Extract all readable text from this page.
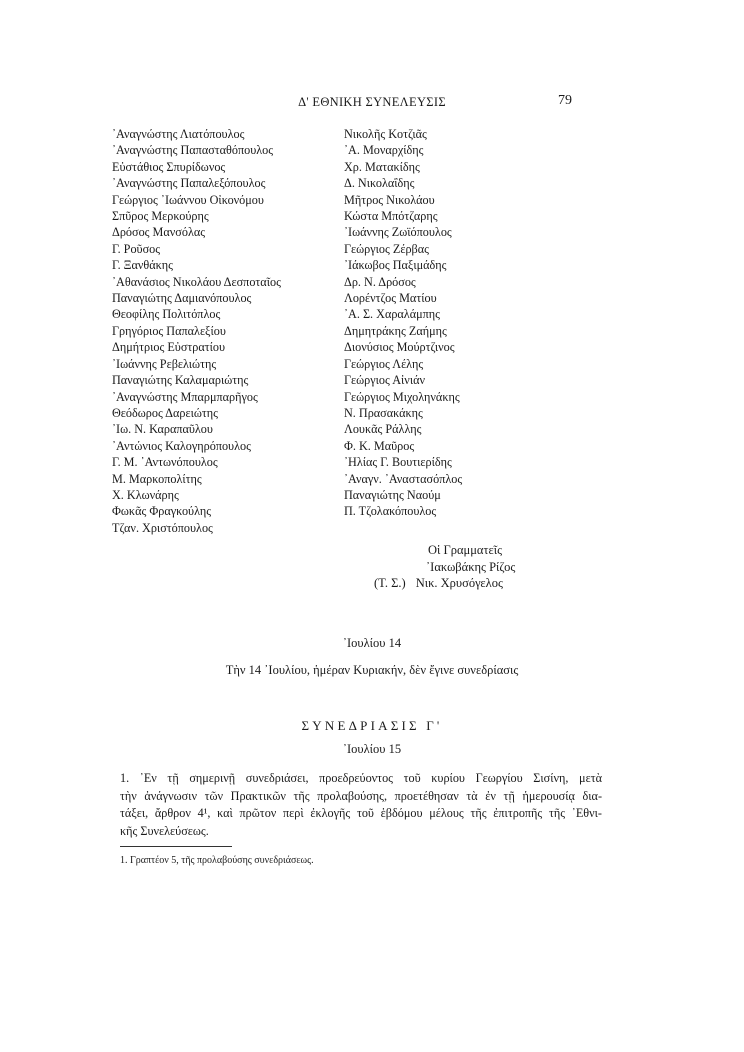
Δ' ΕΘΝΙΚΗ ΣΥΝΕΛΕΥΣΙΣ	79
᾿Αναγνώστης Λιατόπουλος
᾿Αναγνώστης Παπασταθόπουλος
Εὐστάθιος Σπυρίδωνος
᾿Αναγνώστης Παπαλεξόπουλος
Γεώργιος ᾿Ιωάννου Οἰκονόμου
Σπῦρος Μερκούρης
Δρόσος Μανσόλας
Γ. Ροῦσος
Γ. Ξανθάκης
᾿Αθανάσιος Νικολάου Δεσποταῖος
Παναγιώτης Δαμιανόπουλος
Θεοφίλης Πολιτόπλος
Γρηγόριος Παπαλεξίου
Δημήτριος Εὐστρατίου
᾿Ιωάννης Ρεβελιώτης
Παναγιώτης Καλαμαριώτης
᾿Αναγνώστης Μπαρμπαρῆγος
Θεόδωρος Δαρειώτης
᾿Ιω. Ν. Καραπαῦλου
᾿Αντώνιος Καλογηρόπουλος
Γ. Μ. ᾿Αντωνόπουλος
Μ. Μαρκοπολίτης
Χ. Κλωνάρης
Φωκᾶς Φραγκούλης
Τζαν. Χριστόπουλος
Νικολῆς Κοτζιᾶς
᾿Α. Μοναρχίδης
Χρ. Ματακίδης
Δ. Νικολαΐδης
Μῆτρος Νικολάου
Κώστα Μπότζαρης
᾿Ιωάννης Ζωϊόπουλος
Γεώργιος Ζέρβας
᾿Ιάκωβος Παξιμάδης
Δρ. Ν. Δρόσος
Λορέντζος Ματίου
᾿Α. Σ. Χαραλάμπης
Δημητράκης Ζαήμης
Διονύσιος Μούρτζινος
Γεώργιος Λέλης
Γεώργιος Αἰνιάν
Γεώργιος Μιχοληνάκης
Ν. Πρασακάκης
Λουκᾶς Ράλλης
Φ. Κ. Μαῦρος
᾿Ηλίας Γ. Βουτιερίδης
᾿Αναγν. ᾿Αναστασόπλος
Παναγιώτης Ναούμ
Π. Τζολακόπουλος
Οἱ Γραμματεῖς
᾿Ιακωβάκης Ρίζος
(Τ. Σ.) Νικ. Χρυσόγελος
᾿Ιουλίου 14
Τὴν 14 ᾿Ιουλίου, ἡμέραν Κυριακήν, δὲν ἔγινε συνεδρίασις
ΣΥΝΕΔΡΙΑΣΙΣ Γ'
᾿Ιουλίου 15
1. ᾿Εν τῇ σημερινῇ συνεδριάσει, προεδρεύοντος τοῦ κυρίου Γεωργίου Σισίνη, μετὰ
τὴν ἀνάγνωσιν τῶν Πρακτικῶν τῆς προλαβούσης, προετέθησαν τὰ ἐν τῇ ἡμερουσίᾳ δια-
τάξει, ἄρθρον 4¹, καὶ πρῶτον περὶ ἐκλογῆς τοῦ ἑβδόμου μέλους τῆς ἐπιτροπῆς τῆς ᾿Εθνι-
κῆς Συνελεύσεως.
1. Γραπτέον 5, τῆς προλαβούσης συνεδριάσεως.
